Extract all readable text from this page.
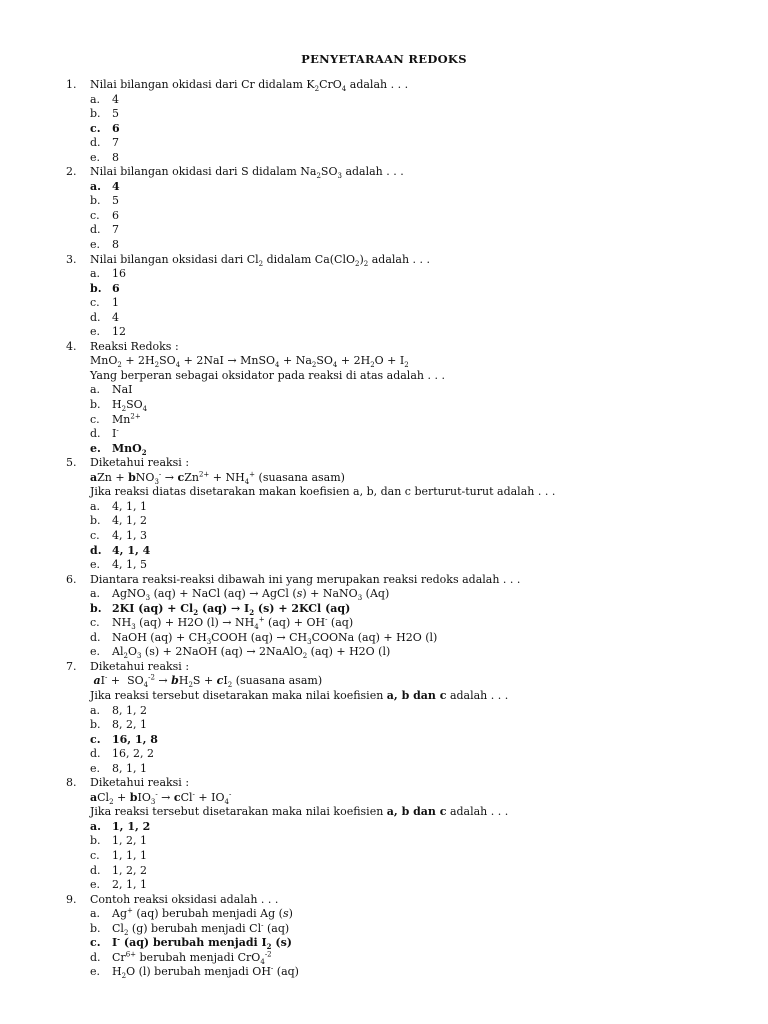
PENYETARAAN REDOKS
1.	Nilai bilangan okidasi dari Cr didalam $K_2CrO_4$ adalah . . .
a.	4
b.	5
c.	6
d.	7
e.	8
2.	Nilai bilangan okidasi dari S didalam $Na_2SO_3$ adalah . . .
a.	4
b.	5
c.	6
d.	7
e.	8
3.	Nilai bilangan oksidasi dari $Cl_2$ didalam $Ca(ClO_2)_2$ adalah . . .
a.	16
b. 6
c.	1
d.	4
e.	12
4.	Reaksi Redoks :
$MnO_2 + 2H_2SO_4 + 2NaI$ → MnSO$_4$ + $Na_2SO_4 + 2H_2O + I_2$
Yang berperan sebagai oksidator pada reaksi di atas adalah . . .
a.	NaI
b.	$H_2SO_4$
c.	$Mn^{2+}$
d.	I-
e.	MnO$_2$
5.	Diketahui reaksi :
aZn + $bNO_3^- \to cZn^{2+} + NH_4^+$ (suasana asam)
Jika reaksi diatas disetarakan makan koefisien a, b, dan c berturut-turut adalah . . .
a.	4, 1, 1
b.	4, 1, 2
c.	4, 1, 3
d. 4, 1, 4
e.	4, 1, 5
6.	Diantara reaksi-reaksi dibawah ini yang merupakan reaksi redoks adalah . . .
a.	AgNO$_3$ (aq) + NaCl (aq) → AgCl (s) + NaNO$_3$ (Aq)
b. 2KI $(aq) + Cl_2$ $(aq) \to I_2$ (s) + 2KCl (aq)
c.	$NH_3$ (aq) + H2O $(l) \to NH_4^+$ (aq) + OH- (aq)
d.	NaOH $(aq) + CH_3COOH$ $(aq) \to CH_3COONa$ (aq) + H2O (l)
e.	$Al_2O_3$ (s) + 2NaOH (aq) → 2NaAlO$_2$ (aq) + H2O (l)
7.	Diketahui reaksi :
$aI^- + SO_4^{-2} \to bH_2S + cI_2$ (suasana asam)
Jika reaksi tersebut disetarakan maka nilai koefisien a, b dan c adalah . . .
a.	8, 1, 2
b.	8, 2, 1
c.	16, 1, 8
d.	16, 2, 2
e.	8, 1, 1
8.	Diketahui reaksi :
$aCl_2 + bIO_3^- \to cCl^- + IO_4^-$
Jika reaksi tersebut disetarakan maka nilai koefisien a, b dan c adalah . . .
a.	1, 1, 2
b.	1, 2, 1
c.	1, 1, 1
d.	1, 2, 2
e.	2, 1, 1
9.	Contoh reaksi oksidasi adalah . . .
a.	Ag+ (aq) berubah menjadi Ag (s)
b.	$Cl_2$ (g) berubah menjadi Cl- (aq)
c.	I- (aq) berubah menjadi $I_2$ (s)
d.	$Cr^{6+}$ berubah menjadi CrO$_4^{-2}$
e.	$H_2O$ (l) berubah menjadi OH- (aq)
